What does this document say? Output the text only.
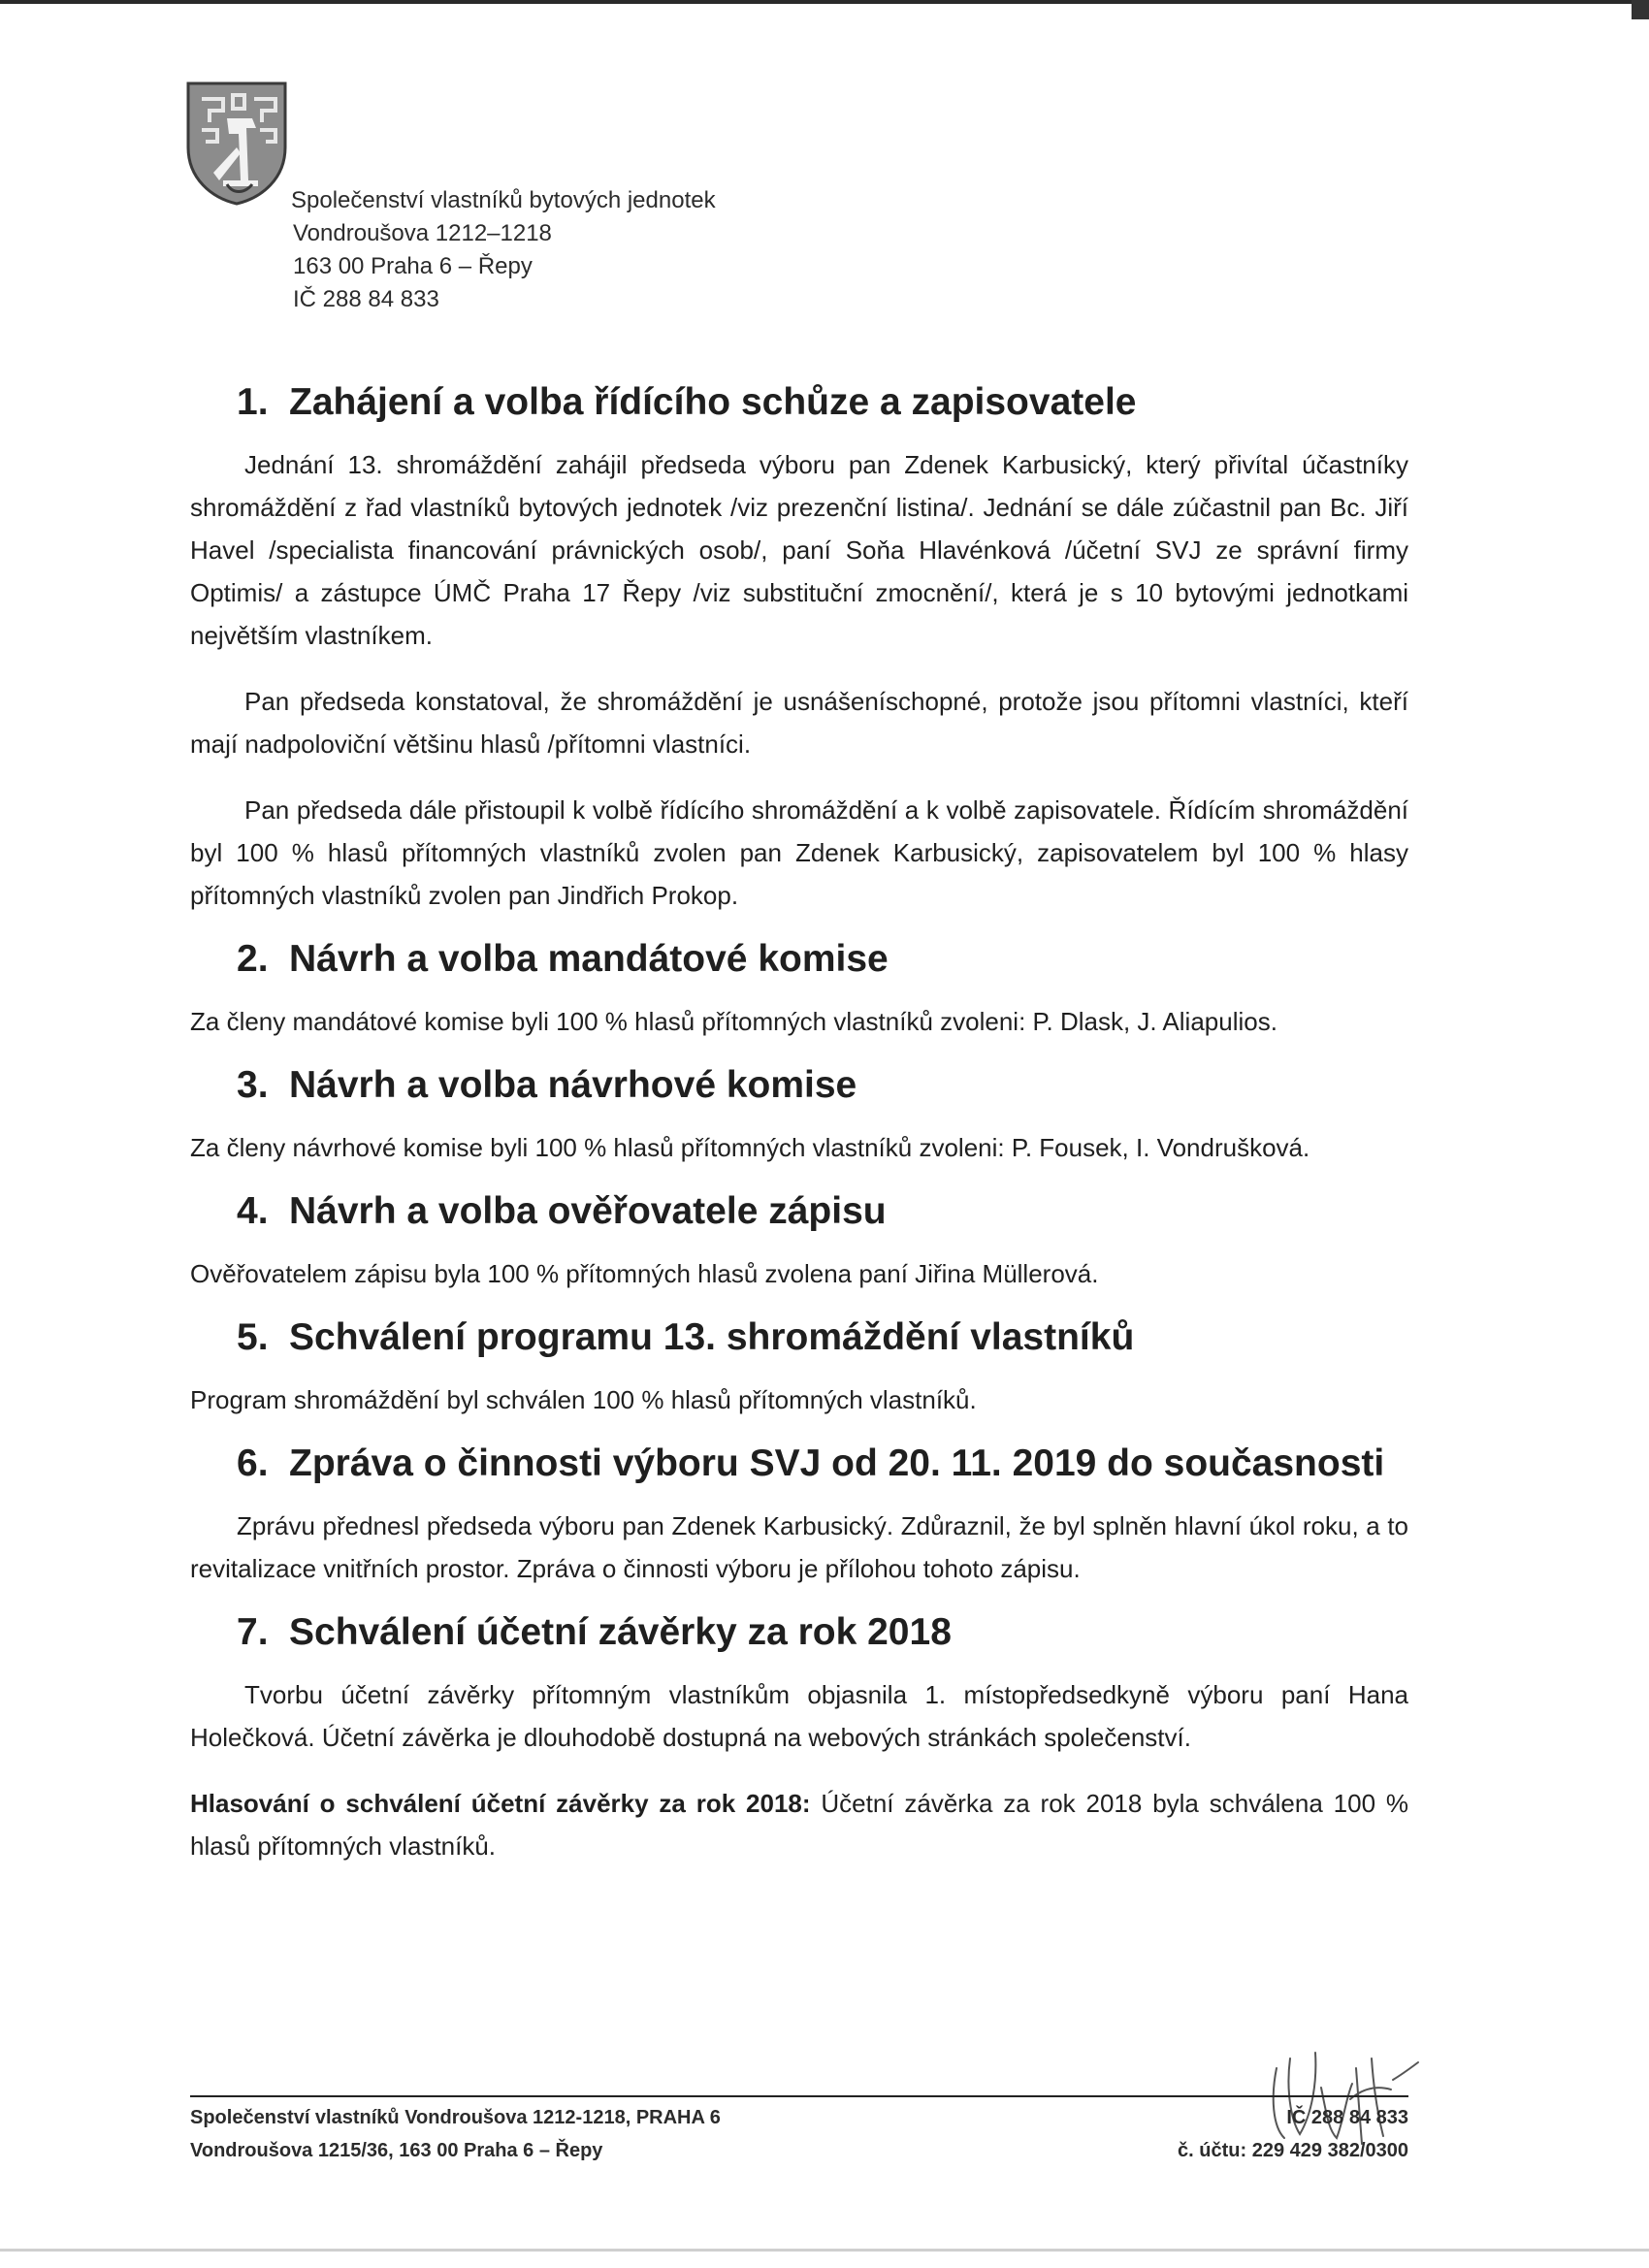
Společenství vlastníků bytových jednotek
Vondroušova 1212–1218
163 00 Praha 6 – Řepy
IČ 288 84 833
1. Zahájení a volba řídícího schůze a zapisovatele

Jednání 13. shromáždění zahájil předseda výboru pan Zdenek Karbusický, který přivítal účastníky shromáždění z řad vlastníků bytových jednotek /viz prezenční listina/. Jednání se dále zúčastnil pan Bc. Jiří Havel /specialista financování právnických osob/, paní Soňa Hlavénková /účetní SVJ ze správní firmy Optimis/ a zástupce ÚMČ Praha 17 Řepy /viz substituční zmocnění/, která je s 10 bytovými jednotkami největším vlastníkem.

Pan předseda konstatoval, že shromáždění je usnášeníschopné, protože jsou přítomni vlastníci, kteří mají nadpoloviční většinu hlasů /přítomni vlastníci.

Pan předseda dále přistoupil k volbě řídícího shromáždění a k volbě zapisovatele. Řídícím shromáždění byl 100 % hlasů přítomných vlastníků zvolen pan Zdenek Karbusický, zapisovatelem byl 100 % hlasy přítomných vlastníků zvolen pan Jindřich Prokop.

2. Návrh a volba mandátové komise

Za členy mandátové komise byli 100 % hlasů přítomných vlastníků zvoleni: P. Dlask, J. Aliapulios.

3. Návrh a volba návrhové komise

Za členy návrhové komise byli 100 % hlasů přítomných vlastníků zvoleni: P. Fousek, I. Vondrušková.

4. Návrh a volba ověřovatele zápisu

Ověřovatelem zápisu byla 100 % přítomných hlasů zvolena paní Jiřina Müllerová.

5. Schválení programu 13. shromáždění vlastníků

Program shromáždění byl schválen 100 % hlasů přítomných vlastníků.

6. Zpráva o činnosti výboru SVJ od 20. 11. 2019 do současnosti

Zprávu přednesl předseda výboru pan Zdenek Karbusický. Zdůraznil, že byl splněn hlavní úkol roku, a to revitalizace vnitřních prostor. Zpráva o činnosti výboru je přílohou tohoto zápisu.

7. Schválení účetní závěrky za rok 2018

Tvorbu účetní závěrky přítomným vlastníkům objasnila 1. místopředsedkyně výboru paní Hana Holečková. Účetní závěrka je dlouhodobě dostupná na webových stránkách společenství.

Hlasování o schválení účetní závěrky za rok 2018: Účetní závěrka za rok 2018 byla schválena 100 % hlasů přítomných vlastníků.

Společenství vlastníků Vondroušova 1212-1218, PRAHA 6
Vondroušova 1215/36, 163 00 Praha 6 – Řepy
IČ 288 84 833
č. účtu: 229 429 382/0300
